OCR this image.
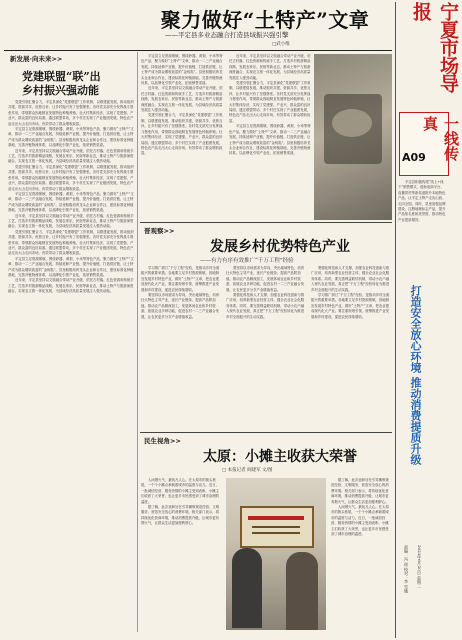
宁夏市场导报
一线传真
A09

平定县积极构建“线上+线下”销售模式，借助电商平台、直播带货等新渠道推介本地特色产品，让平定土特产走出山西、走向全国。同时，县里加强品牌建设，注册地理标志产品，提升产品知名度和美誉度，推动特色产业提质增效。

打造安全放心环境 推动消费提质升级
2023年6月20日 星期二
责编：冯 瑶 校对：李 雪娥
聚力做好“土特产”文章
——平定县多业态融合打造县域振兴强引擎
□武小维
新发展·向未来>>
党建联盟“联”出
乡村振兴强动能

党建引领汇聚合力，平定县深化“党建联盟”工作机制，以联建促发展，推动组织共建、资源共享、优势互补，让乡村振兴有了坚强堡垒。各村党支部充分发挥战斗堡垒作用，带领群众因地制宜发展特色种植养殖，壮大村集体经济，实现了党建强、产业兴、群众富的良好局面。通过联盟带动，多个村庄实现了产业抱团发展，特色农产品走出大山走向市场，有效带动了群众增收致富。

平定县立足资源禀赋，围绕砂器、黄梨、小米等特色产品，聚力做好“土特产”文章，推动一二三产业融合发展，持续延伸产业链、提升价值链、打造供应链，让土特产成为群众增收致富的“金钥匙”。县里积极培育龙头企业和合作社，建设标准化种植基地，完善冷链物流体系，以品牌化引领产业化，拓宽销售渠道。

近年来，平定县坚持以文旅融合带动产业升级，依托古村落、红色资源和传统手工艺，打造乡村旅游精品线路，发展农家乐、民宿等新业态，推动土特产与旅游深度融合，实现农文旅一体化发展，为县域经济高质量发展注入强劲动能。

党建引领汇聚合力，平定县深化“党建联盟”工作机制，以联建促发展，推动组织共建、资源共享、优势互补，让乡村振兴有了坚强堡垒。各村党支部充分发挥战斗堡垒作用，带领群众因地制宜发展特色种植养殖，壮大村集体经济，实现了党建强、产业兴、群众富的良好局面。通过联盟带动，多个村庄实现了产业抱团发展，特色农产品走出大山走向市场，有效带动了群众增收致富。

平定县立足资源禀赋，围绕砂器、黄梨、小米等特色产品，聚力做好“土特产”文章，推动一二三产业融合发展，持续延伸产业链、提升价值链、打造供应链，让土特产成为群众增收致富的“金钥匙”。县里积极培育龙头企业和合作社，建设标准化种植基地，完善冷链物流体系，以品牌化引领产业化，拓宽销售渠道。

近年来，平定县坚持以文旅融合带动产业升级，依托古村落、红色资源和传统手工艺，打造乡村旅游精品线路，发展农家乐、民宿等新业态，推动土特产与旅游深度融合，实现农文旅一体化发展，为县域经济高质量发展注入强劲动能。

党建引领汇聚合力，平定县深化“党建联盟”工作机制，以联建促发展，推动组织共建、资源共享、优势互补，让乡村振兴有了坚强堡垒。各村党支部充分发挥战斗堡垒作用，带领群众因地制宜发展特色种植养殖，壮大村集体经济，实现了党建强、产业兴、群众富的良好局面。通过联盟带动，多个村庄实现了产业抱团发展，特色农产品走出大山走向市场，有效带动了群众增收致富。

平定县立足资源禀赋，围绕砂器、黄梨、小米等特色产品，聚力做好“土特产”文章，推动一二三产业融合发展，持续延伸产业链、提升价值链、打造供应链，让土特产成为群众增收致富的“金钥匙”。县里积极培育龙头企业和合作社，建设标准化种植基地，完善冷链物流体系，以品牌化引领产业化，拓宽销售渠道。

近年来，平定县坚持以文旅融合带动产业升级，依托古村落、红色资源和传统手工艺，打造乡村旅游精品线路，发展农家乐、民宿等新业态，推动土特产与旅游深度融合，实现农文旅一体化发展，为县域经济高质量发展注入强劲动能。

平定县立足资源禀赋，围绕砂器、黄梨、小米等特色产品，聚力做好“土特产”文章，推动一二三产业融合发展，持续延伸产业链、提升价值链、打造供应链，让土特产成为群众增收致富的“金钥匙”。县里积极培育龙头企业和合作社，建设标准化种植基地，完善冷链物流体系，以品牌化引领产业化，拓宽销售渠道。

近年来，平定县坚持以文旅融合带动产业升级，依托古村落、红色资源和传统手工艺，打造乡村旅游精品线路，发展农家乐、民宿等新业态，推动土特产与旅游深度融合，实现农文旅一体化发展，为县域经济高质量发展注入强劲动能。

党建引领汇聚合力，平定县深化“党建联盟”工作机制，以联建促发展，推动组织共建、资源共享、优势互补，让乡村振兴有了坚强堡垒。各村党支部充分发挥战斗堡垒作用，带领群众因地制宜发展特色种植养殖，壮大村集体经济，实现了党建强、产业兴、群众富的良好局面。通过联盟带动，多个村庄实现了产业抱团发展，特色农产品走出大山走向市场，有效带动了群众增收致富。

近年来，平定县坚持以文旅融合带动产业升级，依托古村落、红色资源和传统手工艺，打造乡村旅游精品线路，发展农家乐、民宿等新业态，推动土特产与旅游深度融合，实现农文旅一体化发展，为县域经济高质量发展注入强劲动能。

党建引领汇聚合力，平定县深化“党建联盟”工作机制，以联建促发展，推动组织共建、资源共享、优势互补，让乡村振兴有了坚强堡垒。各村党支部充分发挥战斗堡垒作用，带领群众因地制宜发展特色种植养殖，壮大村集体经济，实现了党建强、产业兴、群众富的良好局面。通过联盟带动，多个村庄实现了产业抱团发展，特色农产品走出大山走向市场，有效带动了群众增收致富。

平定县立足资源禀赋，围绕砂器、黄梨、小米等特色产品，聚力做好“土特产”文章，推动一二三产业融合发展，持续延伸产业链、提升价值链、打造供应链，让土特产成为群众增收致富的“金钥匙”。县里积极培育龙头企业和合作社，建设标准化种植基地，完善冷链物流体系，以品牌化引领产业化，拓宽销售渠道。

晋观察>>
发展乡村优势特色产业
——有力有序有效推广“千万工程”经验

学习推广浙江“千万工程”经验，是推动乡村全面振兴的重要举措。各地要立足乡村资源禀赋，因地制宜发展乡村特色产业，做好“土特产”文章，把农业建成现代化大产业。要注重规划引领，统筹推进产业发展和乡村建设，促进农民持续增收。

要坚持以市场需求为导向，突出地域特色，培育壮大特色主导产业，延长产业链条，提高产品附加值。推动农产品精深加工，发展休闲农业和乡村旅游，拓展农业多种功能，促进农村一二三产业融合发展，让农民更多分享产业增值收益。

要坚持以市场需求为导向，突出地域特色，培育壮大特色主导产业，延长产业链条，提高产品附加值。推动农产品精深加工，发展休闲农业和乡村旅游，拓展农业多种功能，促进农村一二三产业融合发展，让农民更多分享产业增值收益。

要强化科技和人才支撑，加强农业科技创新与推广应用，培育新型农业经营主体，健全农业社会化服务体系。同时，要完善利益联结机制，带动小农户融入现代农业发展，真正把“千万工程”经验转化为推进乡村全面振兴的生动实践。

要强化科技和人才支撑，加强农业科技创新与推广应用，培育新型农业经营主体，健全农业社会化服务体系。同时，要完善利益联结机制，带动小农户融入现代农业发展，真正把“千万工程”经验转化为推进乡村全面振兴的生动实践。

学习推广浙江“千万工程”经验，是推动乡村全面振兴的重要举措。各地要立足乡村资源禀赋，因地制宜发展乡村特色产业，做好“土特产”文章，把农业建成现代化大产业。要注重规划引领，统筹推进产业发展和乡村建设，促进农民持续增收。

民生视角>>
太原：小摊主收获大荣誉
□ 本报记者 阎建军 文/图

人间烟火气，最抚凡人心。在太原市的街头巷尾，一个个小摊点承载着城市的温度与活力。近日，一批诚信经营、服务热情的小摊主受到表彰，小摊主们收获了大荣誉，也让更多市民感受到了城市治理的温度。

据了解，此次表彰旨在引导摊贩规范经营、文明服务，营造安全放心的消费环境。相关部门表示，将持续优化营商环境，推动消费提质升级，让城市更有烟火气，让群众生活更加便利舒心。

据了解，此次表彰旨在引导摊贩规范经营、文明服务，营造安全放心的消费环境。相关部门表示，将持续优化营商环境，推动消费提质升级，让城市更有烟火气，让群众生活更加便利舒心。

人间烟火气，最抚凡人心。在太原市的街头巷尾，一个个小摊点承载着城市的温度与活力。近日，一批诚信经营、服务热情的小摊主受到表彰，小摊主们收获了大荣誉，也让更多市民感受到了城市治理的温度。
